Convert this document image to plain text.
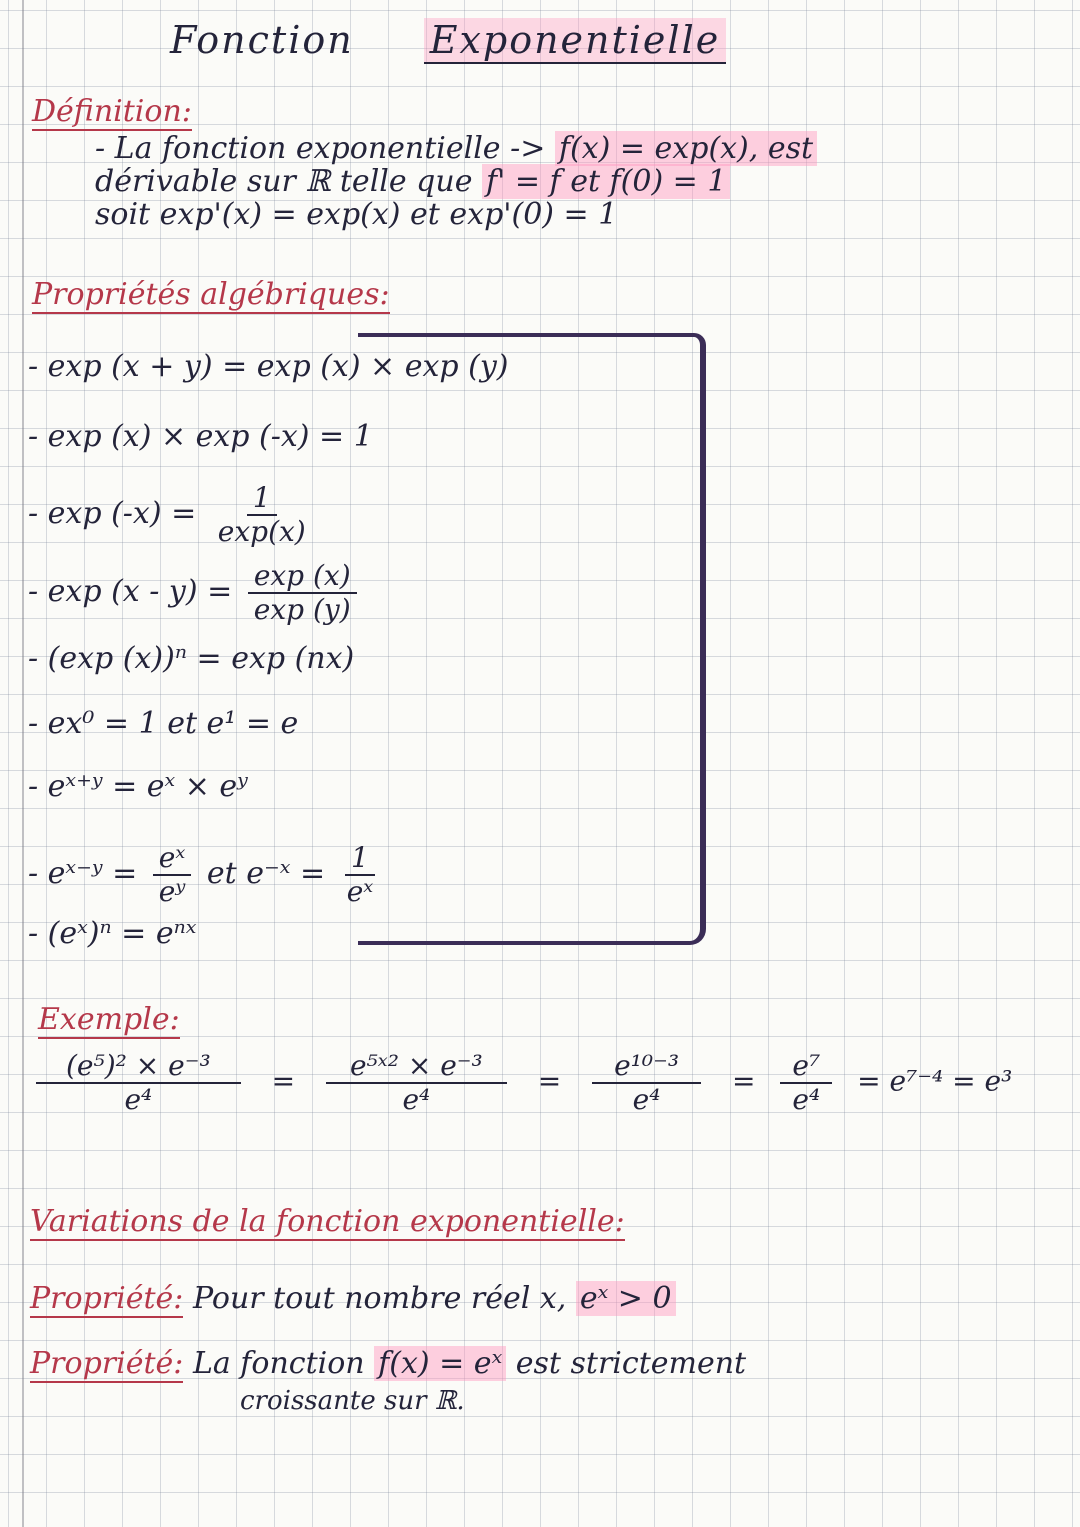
Fonction Exponentielle
Définition:
- La fonction exponentielle -> f(x) = exp(x), est
dérivable sur ℝ telle que f' = f et f(0) = 1
soit exp'(x) = exp(x) et exp'(0) = 1
Propriétés algébriques:
- exp (x + y) = exp (x) × exp (y)
- exp (x) × exp (-x) = 1
- $\exp (-x) = \frac{1}{\exp(x)}$
- $\exp (x - y) = \frac{\exp (x)}{\exp (y)}$
- (exp (x))ⁿ = exp (nx)
- ex⁰ = 1 et e¹ = e
- eˣ⁺ʸ = eˣ × eʸ
- eˣ⁻ʸ = $\frac{\text{eˣ}}{\text{eʸ}}$ et e⁻ˣ = $\frac{1}{\text{eˣ}}$
- (eˣ)ⁿ = eⁿˣ
Exemple:
$\frac{\text{(e⁵)² × e⁻³}}{\text{e⁴}} = \frac{\text{e⁵ˣ² × e⁻³}}{\text{e⁴}} = \frac{\text{e¹⁰⁻³}}{\text{e⁴}} = \frac{\text{e⁷}}{\text{e⁴}} = e^{7-4} = e^3$
Variations de la fonction exponentielle:
Propriété: Pour tout nombre réel x, eˣ > 0
Propriété: La fonction f(x) = eˣ est strictement
croissante sur ℝ.
